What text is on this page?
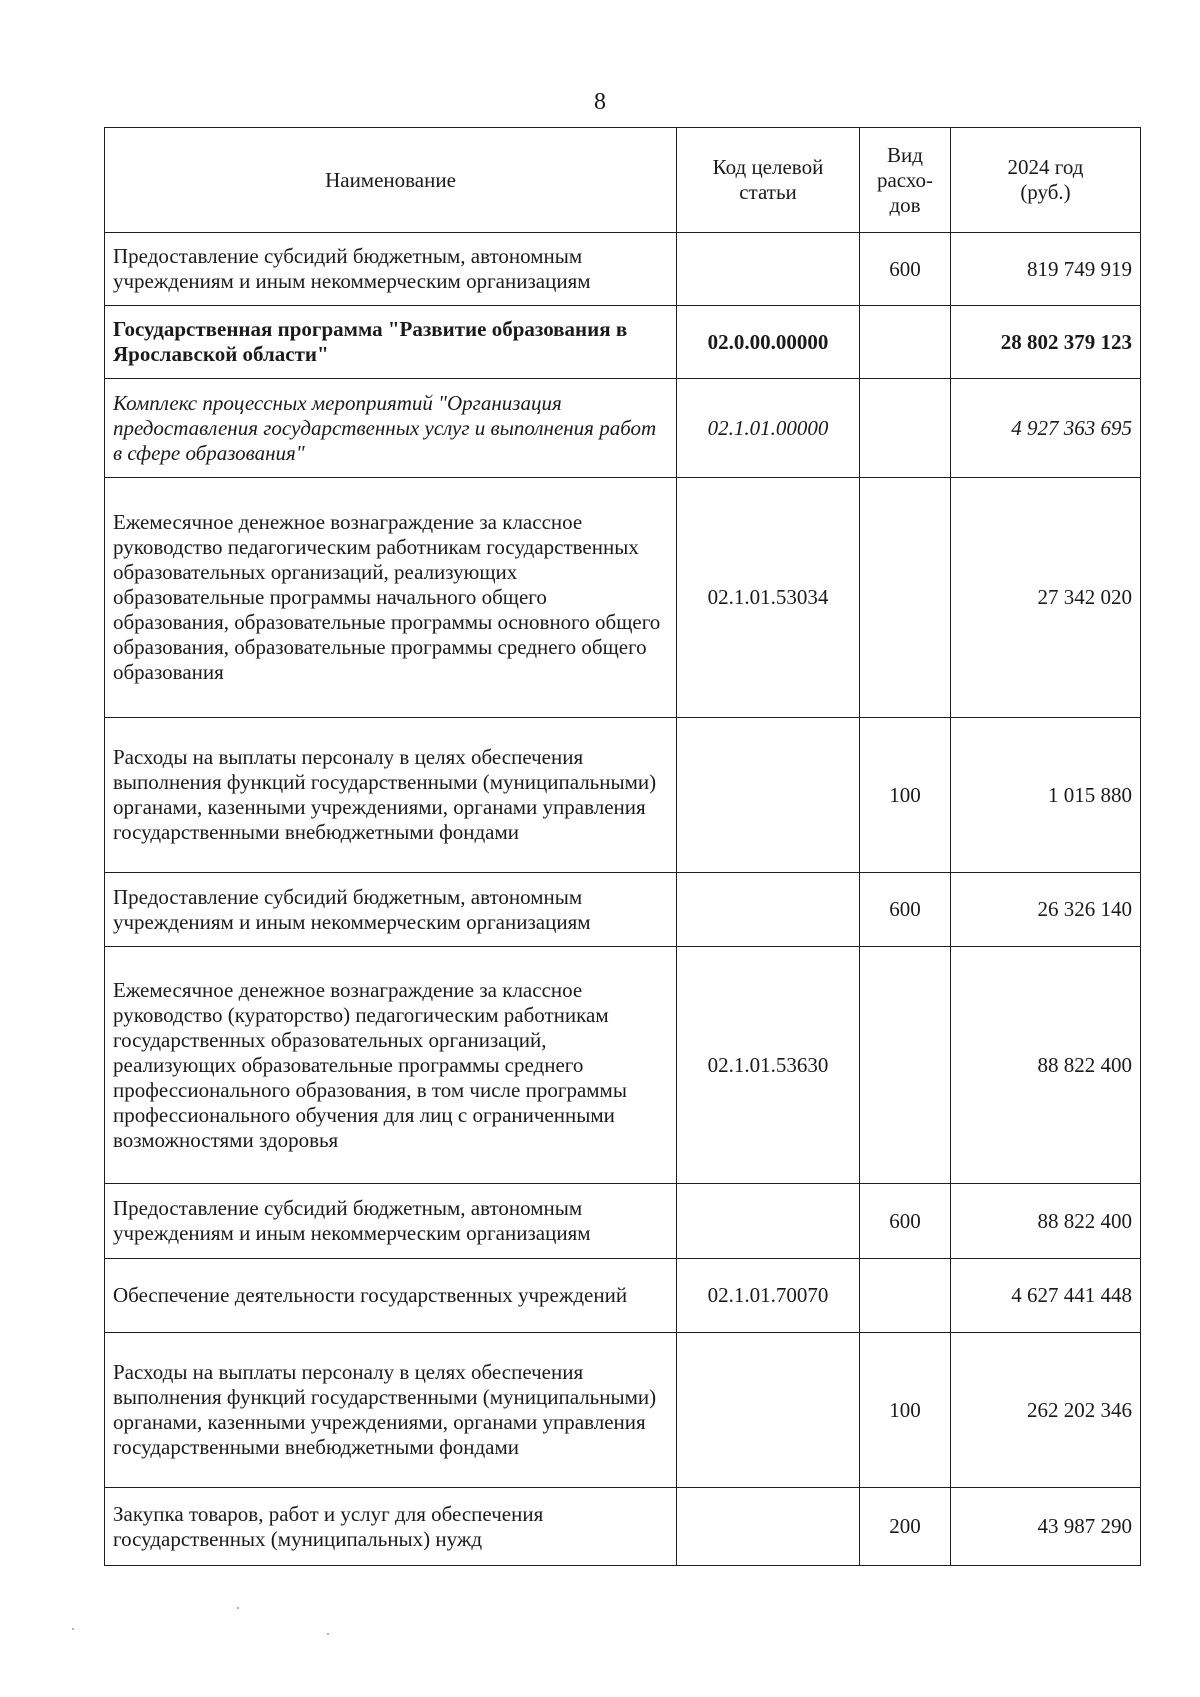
8
Наименование	Код целевой статьи	Вид расхо-дов	2024 год (руб.)
Предоставление субсидий бюджетным, автономным учреждениям и иным некоммерческим организациям		600	819 749 919
Государственная программа "Развитие образования в Ярославской области"	02.0.00.00000		28 802 379 123
Комплекс процессных мероприятий "Организация предоставления государственных услуг и выполнения работ в сфере образования"	02.1.01.00000		4 927 363 695
Ежемесячное денежное вознаграждение за классное руководство педагогическим работникам государственных образовательных организаций, реализующих образовательные программы начального общего образования, образовательные программы основного общего образования, образовательные программы среднего общего образования	02.1.01.53034		27 342 020
Расходы на выплаты персоналу в целях обеспечения выполнения функций государственными (муниципальными) органами, казенными учреждениями, органами управления государственными внебюджетными фондами		100	1 015 880
Предоставление субсидий бюджетным, автономным учреждениям и иным некоммерческим организациям		600	26 326 140
Ежемесячное денежное вознаграждение за классное руководство (кураторство) педагогическим работникам государственных образовательных организаций, реализующих образовательные программы среднего профессионального образования, в том числе программы профессионального обучения для лиц с ограниченными возможностями здоровья	02.1.01.53630		88 822 400
Предоставление субсидий бюджетным, автономным учреждениям и иным некоммерческим организациям		600	88 822 400
Обеспечение деятельности государственных учреждений	02.1.01.70070		4 627 441 448
Расходы на выплаты персоналу в целях обеспечения выполнения функций государственными (муниципальными) органами, казенными учреждениями, органами управления государственными внебюджетными фондами		100	262 202 346
Закупка товаров, работ и услуг для обеспечения государственных (муниципальных) нужд		200	43 987 290
